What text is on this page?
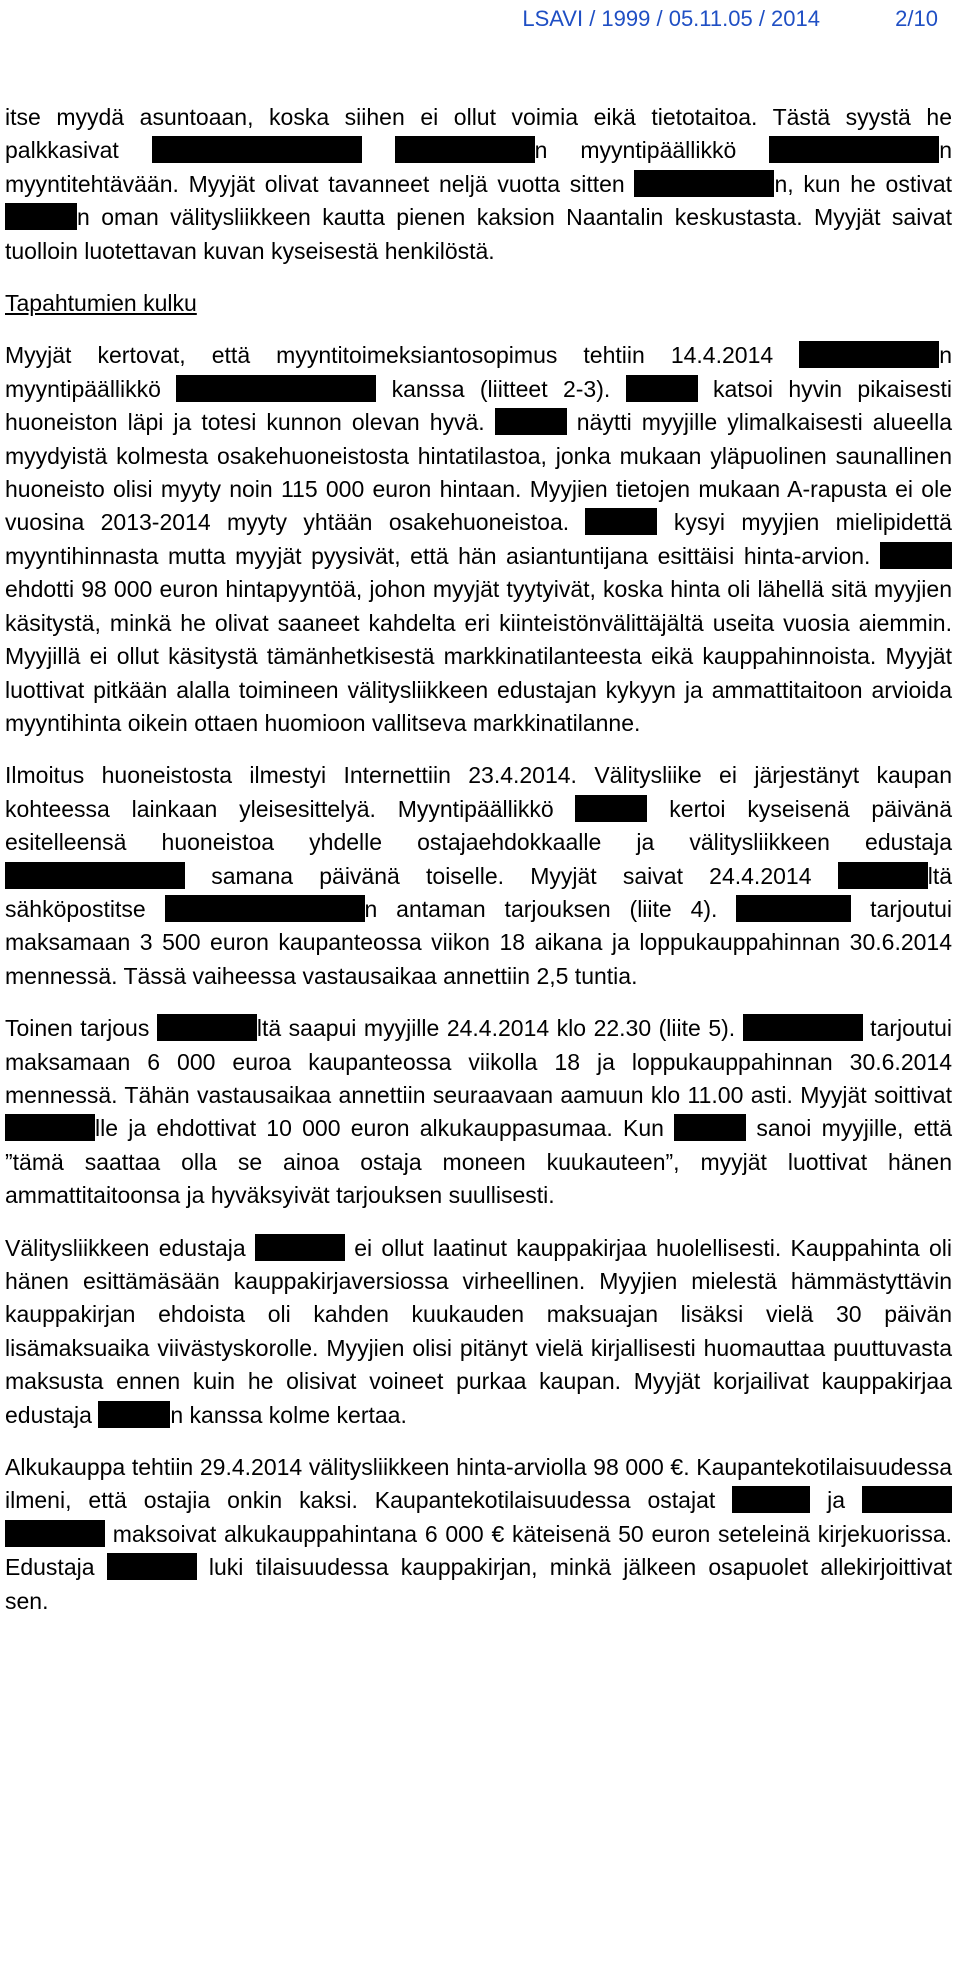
LSAVI / 1999 / 05.11.05 / 2014	2/10

itse myydä asuntoaan, koska siihen ei ollut voimia eikä tietotaitoa. Tästä syystä he palkkasivat	n myyntipäällikkö	n myyntitehtävään. Myyjät olivat tavanneet neljä vuotta sitten	n, kun he ostivat n oman välitysliikkeen kautta pienen kaksion Naantalin keskustasta. Myyjät saivat tuolloin luotettavan kuvan kyseisestä henkilöstä.

Tapahtumien kulku

Myyjät kertovat, että myyntitoimeksiantosopimus tehtiin 14.4.2014	n myyntipäällikkö	kanssa (liitteet 2-3).	katsoi hyvin pikaisesti huoneiston läpi ja totesi kunnon olevan hyvä.	näytti myyjille ylimalkaisesti alueella myydyistä kolmesta osakehuoneistosta hintatilastoa, jonka mukaan yläpuolinen saunallinen huoneisto olisi myyty noin 115 000 euron hintaan. Myyjien tietojen mukaan A-rapusta ei ole vuosina 2013-2014 myyty yhtään osakehuoneistoa.	kysyi myyjien mielipidettä myyntihinnasta mutta myyjät pyysivät, että hän asiantuntijana esittäisi hinta-arvion.  ehdotti 98 000 euron hintapyyntöä, johon myyjät tyytyivät, koska hinta oli lähellä sitä myyjien käsitystä, minkä he olivat saaneet kahdelta eri kiinteistönvälittäjältä useita vuosia aiemmin. Myyjillä ei ollut käsitystä tämänhetkisestä markkinatilanteesta eikä kauppahinnoista. Myyjät luottivat pitkään alalla toimineen välitysliikkeen edustajan kykyyn ja ammattitaitoon arvioida myyntihinta oikein ottaen huomioon vallitseva markkinatilanne.

Ilmoitus huoneistosta ilmestyi Internettiin 23.4.2014. Välitysliike ei järjestänyt kaupan kohteessa lainkaan yleisesittelyä. Myyntipäällikkö	kertoi kyseisenä päivänä esitelleensä huoneistoa yhdelle ostajaehdokkaalle ja välitysliikkeen edustaja  samana päivänä toiselle. Myyjät saivat 24.4.2014	ltä sähköpostitse	n antaman tarjouksen (liite 4).	tarjoutui maksamaan 3 500 euron kaupanteossa viikon 18 aikana ja loppukauppahinnan 30.6.2014 mennessä. Tässä vaiheessa vastausaikaa annettiin 2,5 tuntia.

Toinen tarjous	ltä saapui myyjille 24.4.2014 klo 22.30 (liite 5).	tarjoutui maksamaan 6 000 euroa kaupanteossa viikolla 18 ja loppukauppahinnan 30.6.2014 mennessä. Tähän vastausaikaa annettiin seuraavaan aamuun klo 11.00 asti. Myyjät soittivat lle ja ehdottivat 10 000 euron alkukauppasumaa. Kun	sanoi myyjille, että ”tämä saattaa olla se ainoa ostaja moneen kuukauteen”, myyjät luottivat hänen ammattitaitoonsa ja hyväksyivät tarjouksen suullisesti.

Välitysliikkeen edustaja	ei ollut laatinut kauppakirjaa huolellisesti. Kauppahinta oli hänen esittämäsään kauppakirjaversiossa virheellinen. Myyjien mielestä hämmästyttävin kauppakirjan ehdoista oli kahden kuukauden maksuajan lisäksi vielä 30 päivän lisämaksuaika viivästyskorolle. Myyjien olisi pitänyt vielä kirjallisesti huomauttaa puuttuvasta maksusta ennen kuin he olisivat voineet purkaa kaupan. Myyjät korjailivat kauppakirjaa edustaja	n kanssa kolme kertaa.

Alkukauppa tehtiin 29.4.2014 välitysliikkeen hinta-arviolla 98 000 €. Kaupantekotilaisuudessa ilmeni, että ostajia onkin kaksi. Kaupantekotilaisuudessa ostajat	ja   maksoivat alkukauppahintana 6 000 € käteisenä 50 euron seteleinä kirjekuorissa. Edustaja	luki tilaisuudessa kauppakirjan, minkä jälkeen osapuolet allekirjoittivat sen.
